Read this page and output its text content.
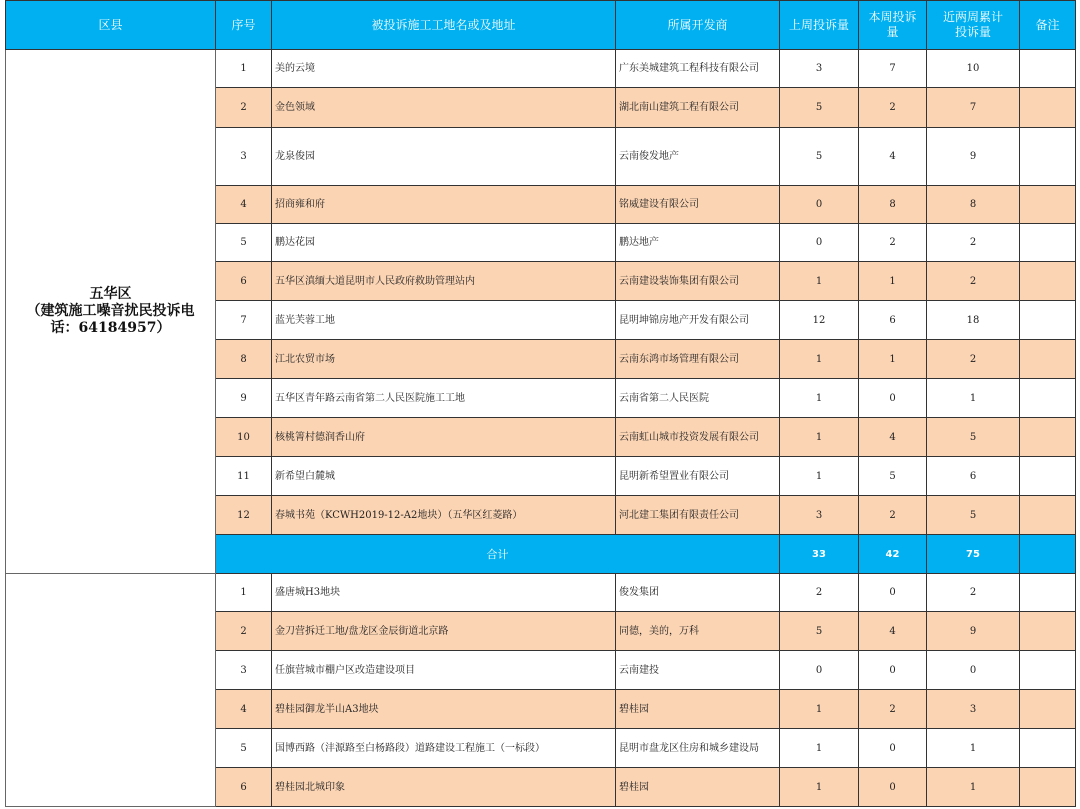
区县	序号	被投诉施工工地名或及地址	所属开发商	上周投诉量	本周投诉量	近两周累计投诉量	备注

五华区
（建筑施工噪音扰民投诉电话：64184957）	1	美的云境	广东美城建筑工程科技有限公司	3	7	10	
	2	金色领域	湖北南山建筑工程有限公司	5	2	7	
	3	龙泉俊园	云南俊发地产	5	4	9	
	4	招商雍和府	铭威建设有限公司	0	8	8	
	5	鹏达花园	鹏达地产	0	2	2	
	6	五华区滇缅大道昆明市人民政府救助管理站内	云南建设装饰集团有限公司	1	1	2	
	7	蓝光芙蓉工地	昆明坤锦房地产开发有限公司	12	6	18	
	8	江北农贸市场	云南东鸿市场管理有限公司	1	1	2	
	9	五华区青年路云南省第二人民医院施工工地	云南省第二人民医院	1	0	1	
	10	核桃箐村德润香山府	云南虹山城市投资发展有限公司	1	4	5	
	11	新希望白麓城	昆明新希望置业有限公司	1	5	6	
	12	春城书苑（KCWH2019-12-A2地块）（五华区红菱路）	河北建工集团有限责任公司	3	2	5	
	合计			33	42	75	

	1	盛唐城H3地块	俊发集团	2	0	2	
	2	金刀营拆迁工地/盘龙区金辰街道北京路	同德，美的，万科	5	4	9	
	3	任旗营城市棚户区改造建设项目	云南建投	0	0	0	
	4	碧桂园御龙半山A3地块	碧桂园	1	2	3	
	5	国博西路（沣源路至白杨路段）道路建设工程施工（一标段）	昆明市盘龙区住房和城乡建设局	1	0	1	
	6	碧桂园北城印象	碧桂园	1	0	1	
